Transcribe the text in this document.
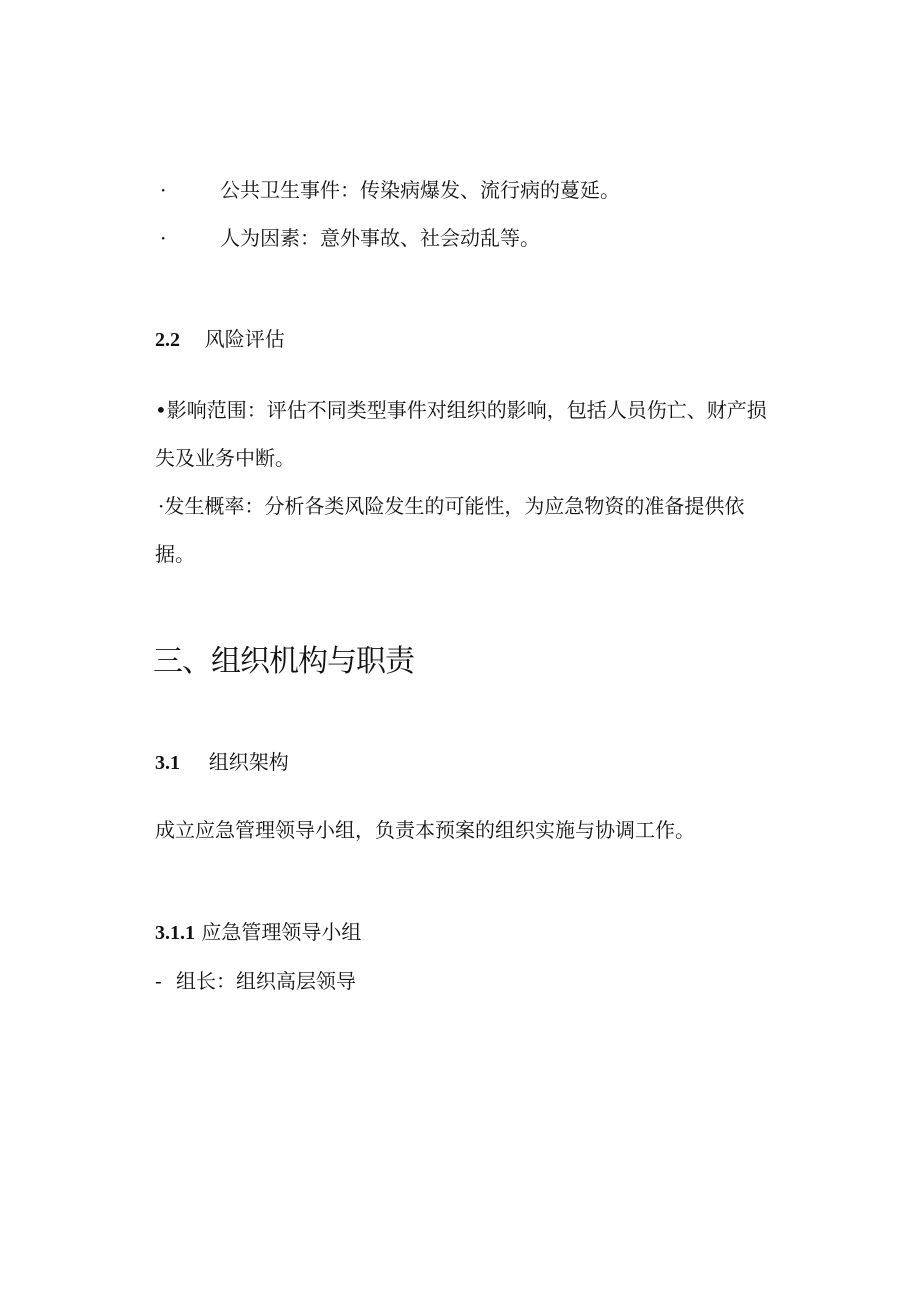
·	公共卫生事件：传染病爆发、流行病的蔓延。
·	人为因素：意外事故、社会动乱等。
2.2 风险评估
•影响范围：评估不同类型事件对组织的影响，包括人员伤亡、财产损
失及业务中断。
·发生概率：分析各类风险发生的可能性，为应急物资的准备提供依
据。
三、组织机构与职责
3.1 组织架构
成立应急管理领导小组，负责本预案的组织实施与协调工作。
3.1.1 应急管理领导小组
- 组长：组织高层领导
